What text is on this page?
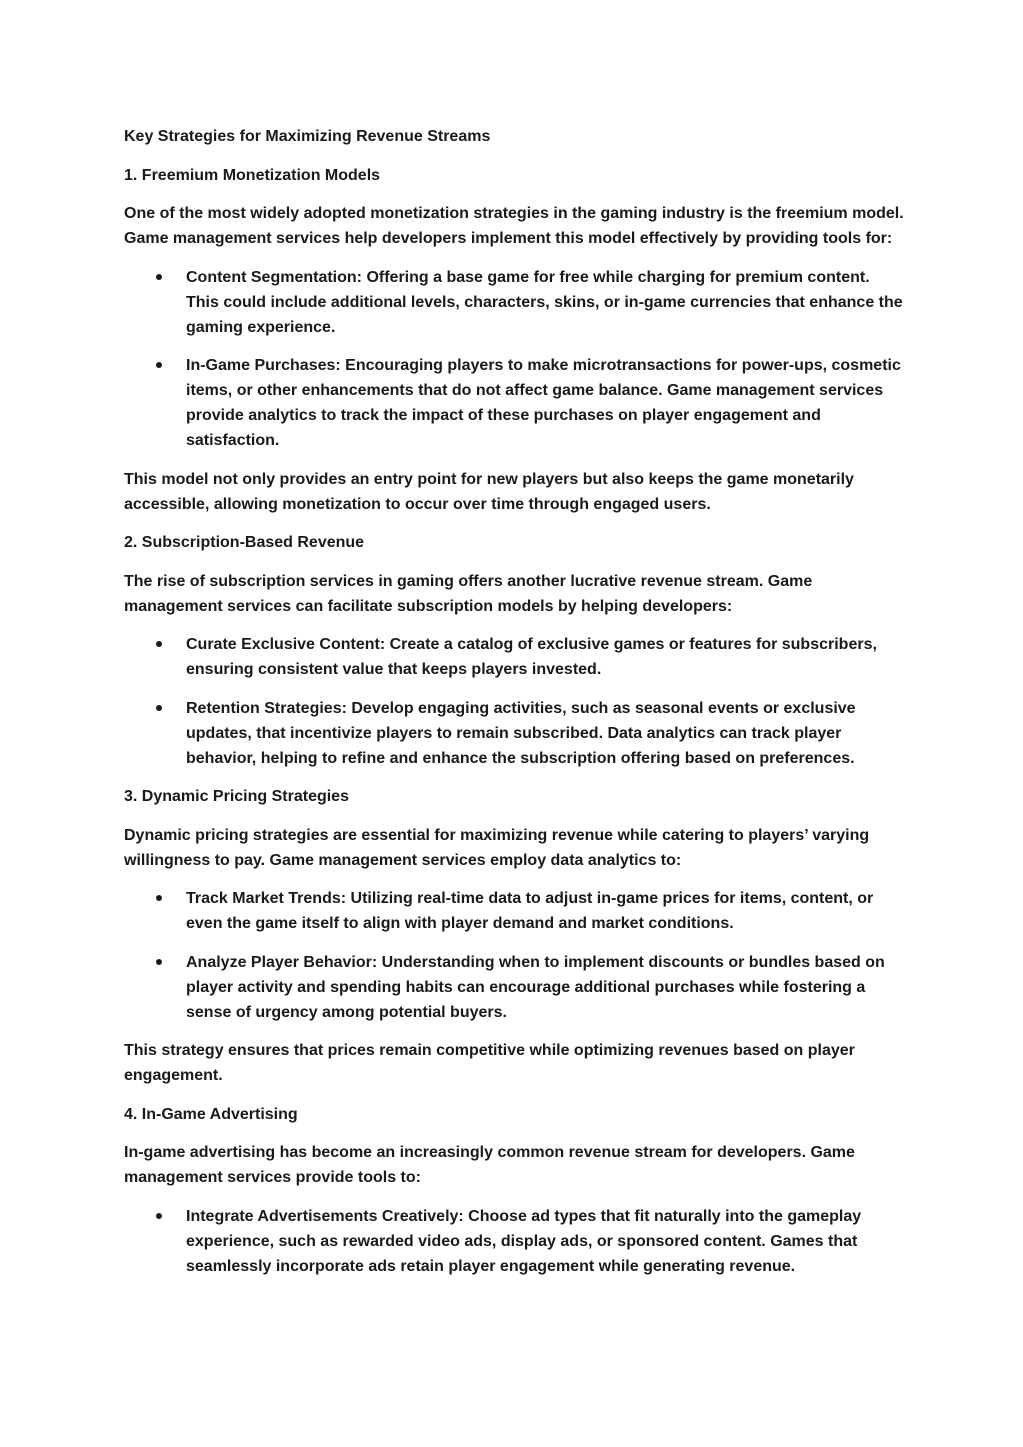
Key Strategies for Maximizing Revenue Streams

1. Freemium Monetization Models

One of the most widely adopted monetization strategies in the gaming industry is the freemium model. Game management services help developers implement this model effectively by providing tools for:

Content Segmentation: Offering a base game for free while charging for premium content. This could include additional levels, characters, skins, or in-game currencies that enhance the gaming experience.
In-Game Purchases: Encouraging players to make microtransactions for power-ups, cosmetic items, or other enhancements that do not affect game balance. Game management services provide analytics to track the impact of these purchases on player engagement and satisfaction.

This model not only provides an entry point for new players but also keeps the game monetarily accessible, allowing monetization to occur over time through engaged users.

2. Subscription-Based Revenue

The rise of subscription services in gaming offers another lucrative revenue stream. Game management services can facilitate subscription models by helping developers:

Curate Exclusive Content: Create a catalog of exclusive games or features for subscribers, ensuring consistent value that keeps players invested.
Retention Strategies: Develop engaging activities, such as seasonal events or exclusive updates, that incentivize players to remain subscribed. Data analytics can track player behavior, helping to refine and enhance the subscription offering based on preferences.

3. Dynamic Pricing Strategies

Dynamic pricing strategies are essential for maximizing revenue while catering to players’ varying willingness to pay. Game management services employ data analytics to:

Track Market Trends: Utilizing real-time data to adjust in-game prices for items, content, or even the game itself to align with player demand and market conditions.
Analyze Player Behavior: Understanding when to implement discounts or bundles based on player activity and spending habits can encourage additional purchases while fostering a sense of urgency among potential buyers.

This strategy ensures that prices remain competitive while optimizing revenues based on player engagement.

4. In-Game Advertising

In-game advertising has become an increasingly common revenue stream for developers. Game management services provide tools to:

Integrate Advertisements Creatively: Choose ad types that fit naturally into the gameplay experience, such as rewarded video ads, display ads, or sponsored content. Games that seamlessly incorporate ads retain player engagement while generating revenue.
